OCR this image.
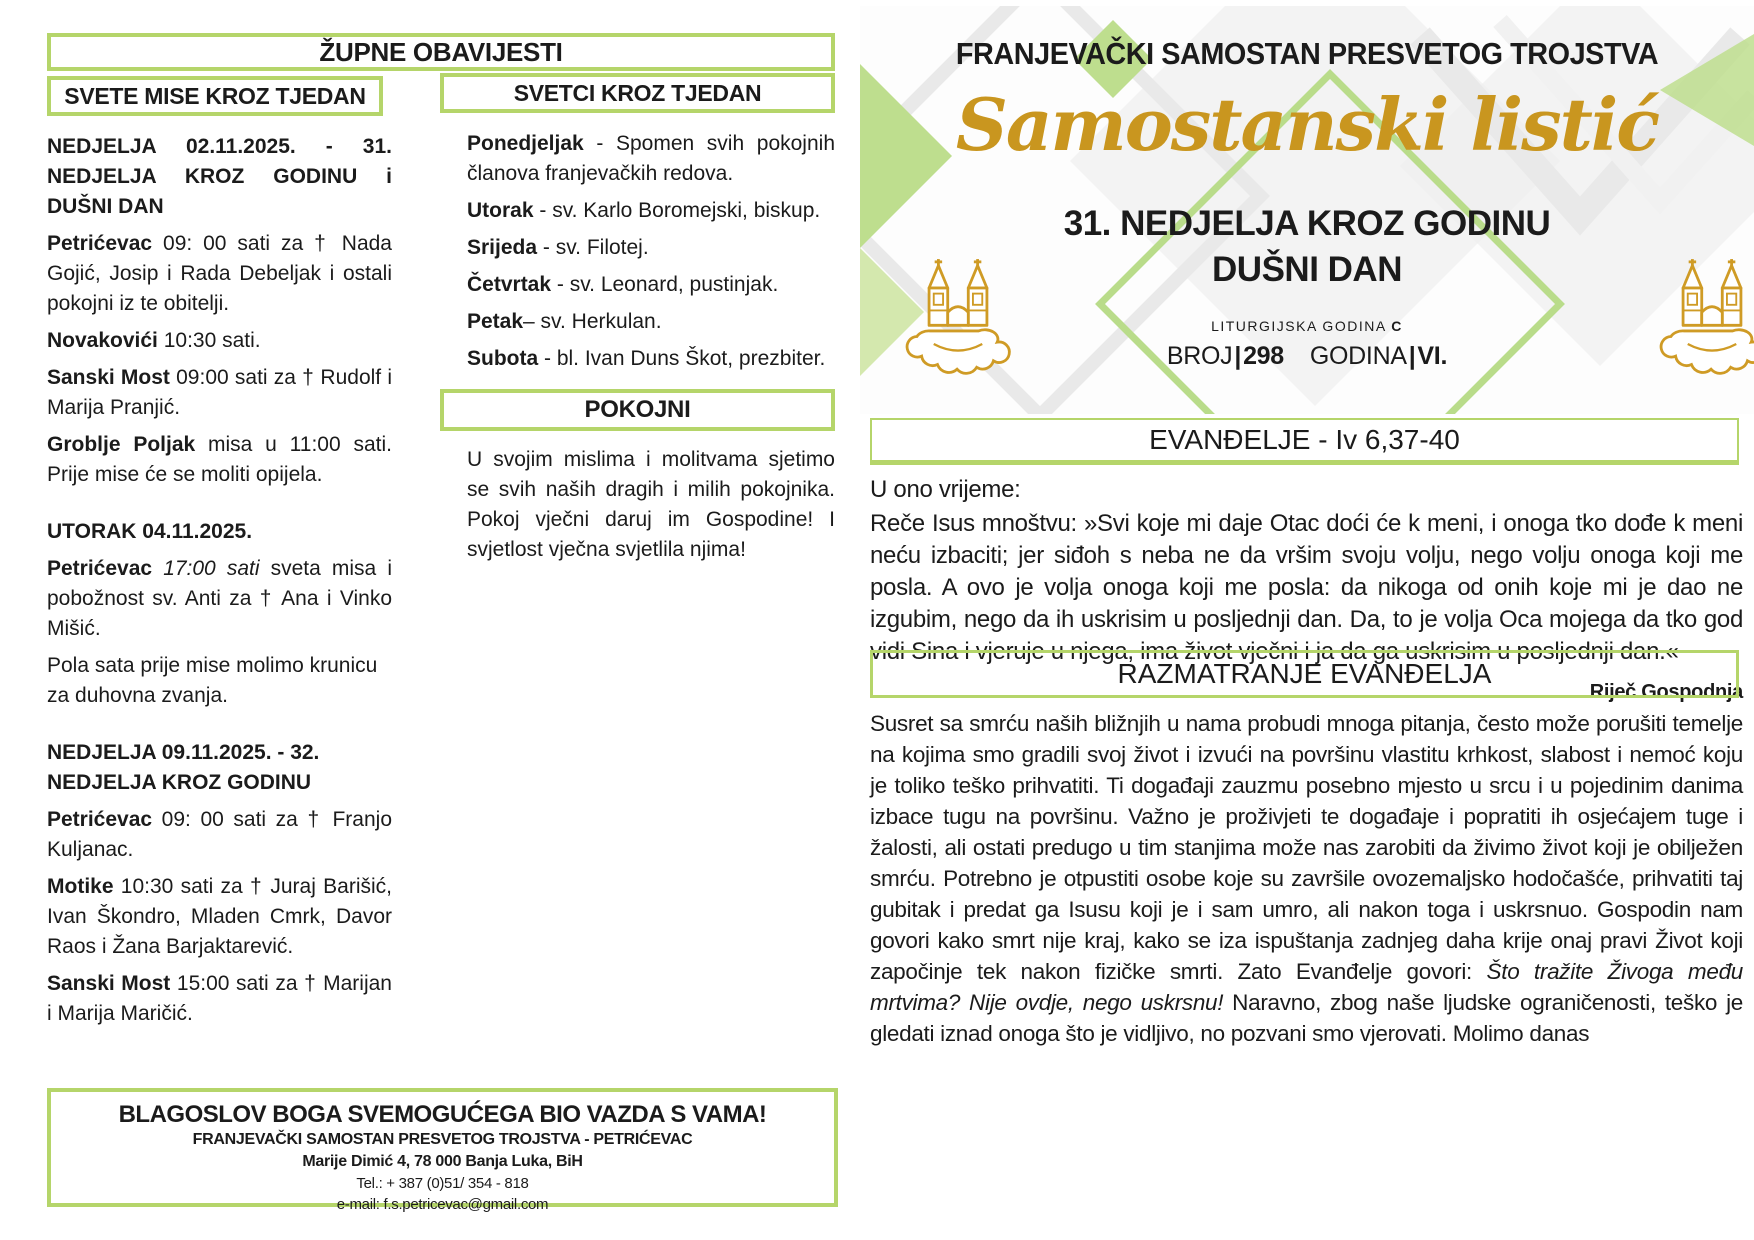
ŽUPNE OBAVIJESTI
SVETE MISE KROZ TJEDAN

NEDJELJA 02.11.2025. - 31. NEDJELJA KROZ GODINU i DUŠNI DAN

Petrićevac 09: 00 sati za † Nada Gojić, Josip i Rada Debeljak i ostali pokojni iz te obitelji.

Novakovići 10:30 sati.

Sanski Most 09:00 sati za † Rudolf i Marija Pranjić.

Groblje Poljak misa u 11:00 sati. Prije mise će se moliti opijela.

UTORAK 04.11.2025.

Petrićevac 17:00 sati sveta misa i pobožnost sv. Anti za † Ana i Vinko Mišić.

Pola sata prije mise molimo krunicu za duhovna zvanja.

NEDJELJA 09.11.2025. - 32. NEDJELJA KROZ GODINU

Petrićevac 09: 00 sati za † Franjo Kuljanac.

Motike 10:30 sati za † Juraj Barišić, Ivan Škondro, Mladen Cmrk, Davor Raos i Žana Barjaktarević.

Sanski Most 15:00 sati za † Marijan i Marija Maričić.

SVETCI KROZ TJEDAN

Ponedjeljak - Spomen svih pokojnih članova franjevačkih redova.

Utorak - sv. Karlo Boromejski, biskup.

Srijeda - sv. Filotej.

Četvrtak - sv. Leonard, pustinjak.

Petak– sv. Herkulan.

Subota - bl. Ivan Duns Škot, prezbiter.

POKOJNI

U svojim mislima i molitvama sjetimo se svih naših dragih i milih pokojnika. Pokoj vječni daruj im Gospodine! I svjetlost vječna svjetlila njima!

BLAGOSLOV BOGA SVEMOGUĆEGA BIO VAZDA S VAMA!
FRANJEVAČKI SAMOSTAN PRESVETOG TROJSTVA - PETRIĆEVAC
Marije Dimić 4, 78 000 Banja Luka, BiH
Tel.: + 387 (0)51/ 354 - 818
e-mail: f.s.petricevac@gmail.com
FRANJEVAČKI SAMOSTAN PRESVETOG TROJSTVA
Samostanski listić
31. NEDJELJA KROZ GODINU
DUŠNI DAN
LITURGIJSKA GODINA C
BROJ|298 GODINA|VI.
EVANĐELJE - Iv 6,37-40

U ono vrijeme:

Reče Isus mnoštvu: »Svi koje mi daje Otac doći će k meni, i onoga tko dođe k meni neću izbaciti; jer siđoh s neba ne da vršim svoju volju, nego volju onoga koji me posla. A ovo je volja onoga koji me posla: da nikoga od onih koje mi je dao ne izgubim, nego da ih uskrisim u posljednji dan. Da, to je volja Oca mojega da tko god vidi Sina i vjeruje u njega, ima život vječni i ja da ga uskrisim u posljednji dan.«

Riječ Gospodnja

RAZMATRANJE EVANĐELJA

Susret sa smrću naših bližnjih u nama probudi mnoga pitanja, često može porušiti temelje na kojima smo gradili svoj život i izvući na površinu vlastitu krhkost, slabost i nemoć koju je toliko teško prihvatiti. Ti događaji zauzmu posebno mjesto u srcu i u pojedinim danima izbace tugu na površinu. Važno je proživjeti te događaje i popratiti ih osjećajem tuge i žalosti, ali ostati predugo u tim stanjima može nas zarobiti da živimo život koji je obilježen smrću. Potrebno je otpustiti osobe koje su završile ovozemaljsko hodočašće, prihvatiti taj gubitak i predat ga Isusu koji je i sam umro, ali nakon toga i uskrsnuo. Gospodin nam govori kako smrt nije kraj, kako se iza ispuštanja zadnjeg daha krije onaj pravi Život koji započinje tek nakon fizičke smrti. Zato Evanđelje govori: Što tražite Živoga među mrtvima? Nije ovdje, nego uskrsnu! Naravno, zbog naše ljudske ograničenosti, teško je gledati iznad onoga što je vidljivo, no pozvani smo vjerovati. Molimo danas
